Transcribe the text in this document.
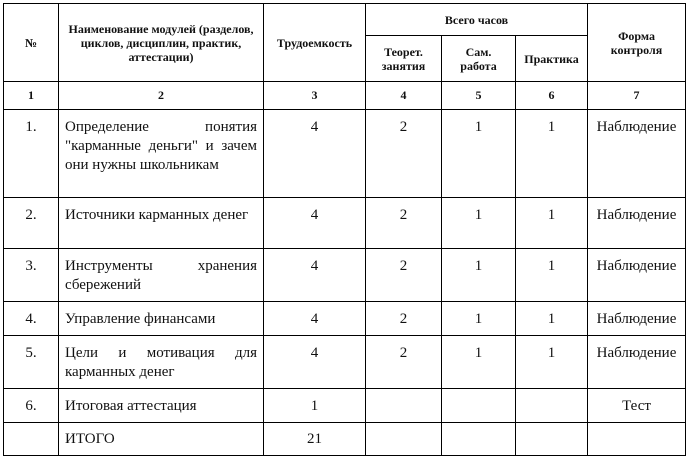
№	Наименование модулей (разделов, циклов, дисциплин, практик, аттестации)	Трудоемкость	Всего часов			Форма контроля
			Теорет. занятия	Сам. работа	Практика	
1	2	3	4	5	6	7
1.	Определение понятия "карманные деньги" и зачем они нужны школьникам	4	2	1	1	Наблюдение
2.	Источники карманных денег	4	2	1	1	Наблюдение
3.	Инструменты хранения сбережений	4	2	1	1	Наблюдение
4.	Управление финансами	4	2	1	1	Наблюдение
5.	Цели и мотивация для карманных денег	4	2	1	1	Наблюдение
6.	Итоговая аттестация	1				Тест
	ИТОГО	21				
